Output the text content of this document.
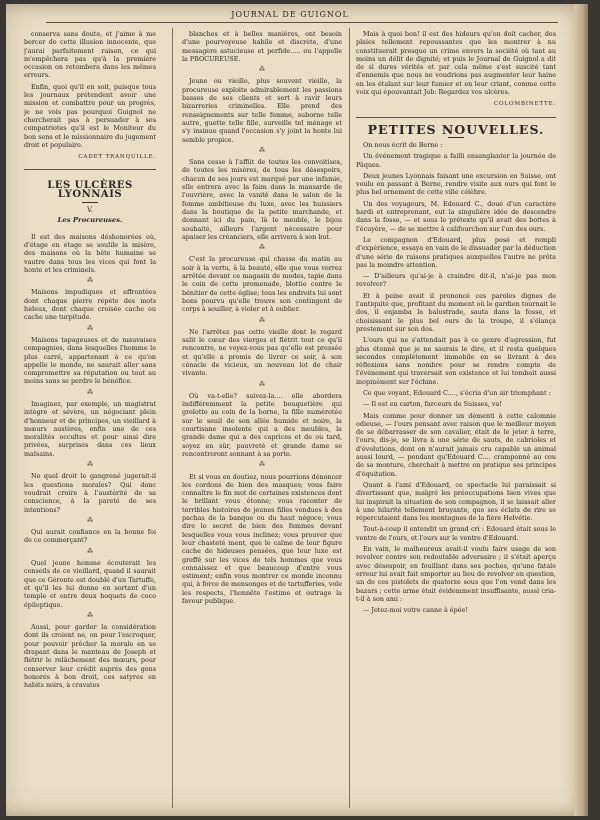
JOURNAL DE GUIGNOL

conserva sans doute, et j'aime à me bercer de cette illusion innocente, que j'aurai parfaitement raison, ce qui m'empêchera pas qu'à la première occasion on retombera dans les mêmes erreurs.

Enfin, quoi qu'il en soit, puisque tous les journaux prétendent avoir une mission et combattre pour un progrès, je ne vois pas pourquoi Guignol ne chercherait pas à persuader à ses compatriotes qu'il est le Moniteur du bon sens et le missionnaire du jugement droit et populaire.

CADET TRANQUILLE.
LES ULCÈRES LYONNAIS
V.
Les Procureuses.

Il est des maisons déshonorées où, d'étage en étage se soulile la misère, des maisons où la bête humaine se vautre dans tous les vices qui font la honte et les criminels.

⁂

Maisons impudiques et effrontées dont chaque pierre répète des mots hideux, dont chaque croisée cache ou cache une turpitude.

⁂

Maisons tapageuses et de mauvaises compagnies, dans lesquelles l'homme le plus carré, appartenant à ce qu'on appelle le monde, ne saurait aller sans compromettre sa réputation ou tout au moins sans se perdre le bénéfice.

⁂

Imaginez, par exemple, un magistrat intègre et sévère, un négociant plein d'honneur et de principes, un vieillard à mœurs austères, enfin une de ces moralités occultes et pour ainsi dire privées, surprises dans ces lieux malsains.

⁂

Ne quel droit le gangrené jugerait-il les questions morales? Qui donc voudrait croire à l'austérité de sa conscience, à la pareté de ses intentions?

⁂

Qui aurait confiance en la bonne foi de ce commerçant?

⁂

Quel jeune homme écouterait les conseils de ce vieillard, quand il saurait que ce Géronte est doublé d'un Tartuffe, et qu'il les lui donne en sortant d'un temple et entre deux hoquets de coco épileptique.

⁂

Aussi, pour garder la considération dont ils croient ne, on pour l'escroquer, pour pouvoir prêcher la morale en se drapant dans le manteau de Joseph et flétrir le relâchement des mœurs, pour conserver leur crédit auprès des gens honorés à bon droit, ces satyres en habits noirs, à cravates

blanches et à belles manières, ont besoin d'une pourvoyeuse habile et discrète, d'une messagère astucieuse et perfide..... ou l'appelle la PROCUREUSE.

⁂

Jeune ou vieille, plus souvent vieille, la procureuse exploite admirablement les passions basses de ses clients et sert à ravir leurs bizarreries criminelles. Elle prend des renseignements sur telle femme, suborne telle autre, guette telle fille, surveille tel ménage et s'y insinue quand l'occasion s'y joint la honte lui semble propice.

⁂

Sans cesse à l'affût de toutes les convoitises, de toutes les misères, de tous les désespoirs, chacun de ses jours est marqué par une infamie, elle entrera avec la faim dans la mansarde de l'ouvrière, avec la vanité dans le salon de la femme ambitieuse du luxe, avec les huissiers dans la boutique de la petite marchande, et donnant ici du pain, là le meuble, le bijou souhaité, ailleurs l'argent nécessaire pour apaiser les créanciers, elle arrivera à son but.

⁂

C'est la procureuse qui chasse du matin au soir à la vertu, à la beauté, elle que vous verrez arrêtée devant ce magasin de modes, tapie dans le coin de cette promenade, blottie contre le bénitier de cette église; tous les endroits lui sont bons pourvu qu'elle trouve son contingent de corps à souiller, à violer et à oublier.

⁂

Ne l'arrêtez pas cette vieille dont le regard salit le cœur des vierges et flétrit tout ce qu'il rencontre, ne voyez-vous pas qu'elle est pressée et qu'elle a promis de livrer ce soir, à son cénacle de vicieux, un nouveau lot de chair vivante.

⁂

Où va-t-elle? suivez-la.... elle abordera indifféremment la petite bouquetière qui grelotte au coin de la borne, la fille numérotée sur le seuil de son allée humide et noire, la courtisane insolente qui a des meubles, la grande dame qui a des caprices et de où tard, soyez en sûr, pauvreté et grande dame se rencontreront sonnant à sa porte.

⁂

Et si vous en doutiez, nous pourrions dénoncer les cordons de bien des masques; vous faire connaître le fin mot de certaines existences dont le brillant vous étonne; vous raconter de terribles histoires de jeunes filles vendues à des pachas de la banque ou du haut négoce; vous dire le secret de bien des femmes devant lesquelles vous vous inclinez; vous prouver que leur chasteté ment, que le calme de leur figure cache de hideuses pensées, que leur luxe est greffé sur les vices de tels hommes que vous connaissez et que beaucoup d'entre vous estiment; enfin vous montrer ce monde inconnu qui, à force de mensonges et de tartufferies, vole les respects, l'honnête l'estime et outrage la faveur publique.

Mais à quoi bon! il est des hideurs qu'on doit cacher, des plaies tellement repoussantes que les montrer à nu constituerait presque un crime envers la société où tant au moins un délit de dignité; et puis le Journal de Guignol a dit de si dures vérités et par cela même s'est suscité tant d'ennemis que nous ne voudrions pas augmenter leur haine en les étalant sur leur fumier et en leur criant, comme cette voix qui épouvantait Job: Regardez vos ulcères.

COLOMBINETTE.
PETITES NOUVELLES.

On nous écrit de Berne :

Un événement tragique a failli ensanglanter la journée de Pâques.

Deux jeunes Lyonnais faisant une excursion en Suisse, ont voulu en passant à Berne, rendre visite aux ours qui font le plus bel ornement de cette ville célèbre.

Un des voyageurs, M. Edouard C., doué d'un caractère hardi et entreprenant, eut la singulière idée de descendre dans la fosse, — et sous le prétexte qu'il avait des bottes à l'écuyère, — de se mettre à califourchon sur l'un des ours.

Le compagnon d'Edouard, plus posé et rempli d'expérience, essaya en vain de le dissuader par la déduction d'une série de raisons pratiques auxquelles l'autre ne prêta pas la moindre attention.

— D'ailleurs qu'ai-je à craindre dit-il, n'ai-je pas mon revolver?

Et à peine avait il prononcé ces paroles dignes de l'antiquité que, profitant du moment où le gardien tournait le dos, il enjamba la balustrade, sauta dans la fosse, et choisissant le plus bel ours de la troupe, il s'élança prestement sur son dos.

L'ours qui ne s'attendait pas à ce genre d'agression, fut plus étonné que je ne saurais le dire, et il resta quelques secondes complètement immobile en se livrant à des réflexions sans nombre pour se rendre compte de l'événement qui traversait son existence et lui tombait aussi inopinément sur l'échine.

Ce que voyant, Edouard C...., s'écria d'un air triomphant :

— Il est en carton, farceurs de Suisses, va!

Mais comme pour donner un démenti à cette calomnie odieuse, — l'ours pensant avec raison que le meilleur moyen de se débarrasser de son cavalier, était de le jeter à terre, l'ours, dis-je, se livra à une série de sauts, de cabrioles et d'évolutions, dont on n'aurait jamais cru capable un animal aussi lourd, — pendant qu'Edouard C.... cramponné au cou de sa monture, cherchait à mettre en pratique ses principes d'équitation.

Quant à l'ami d'Edouard, ce spectacle lui paraissait si divertissant que, malgré les préoccupations bien vives que lui inspirait la situation de son compagnon, il se laissait aller à une hilarité tellement bruyante, que ses éclats de rire se répercutaient dans les montagnes de la fière Helvétie.

Tout-à-coup il entendit un grand cri : Edouard était sous le ventre de l'ours, et l'ours sur le ventre d'Edouard.

En vain, le malheureux avait-il voulu faire usage de son revolver contre son redoutable adversaire ; il s'était aperçu avec désespoir, en fouillant dans ses poches, qu'une fatale erreur lui avait fait emporter au lieu de revolver en question, un de ces pistolets de quatorze sous que l'on vend dans les bazars ; cette arme était évidemment insuffisante, aussi cria-t-il à son ami :

— Jetez-moi votre canne à épée!
